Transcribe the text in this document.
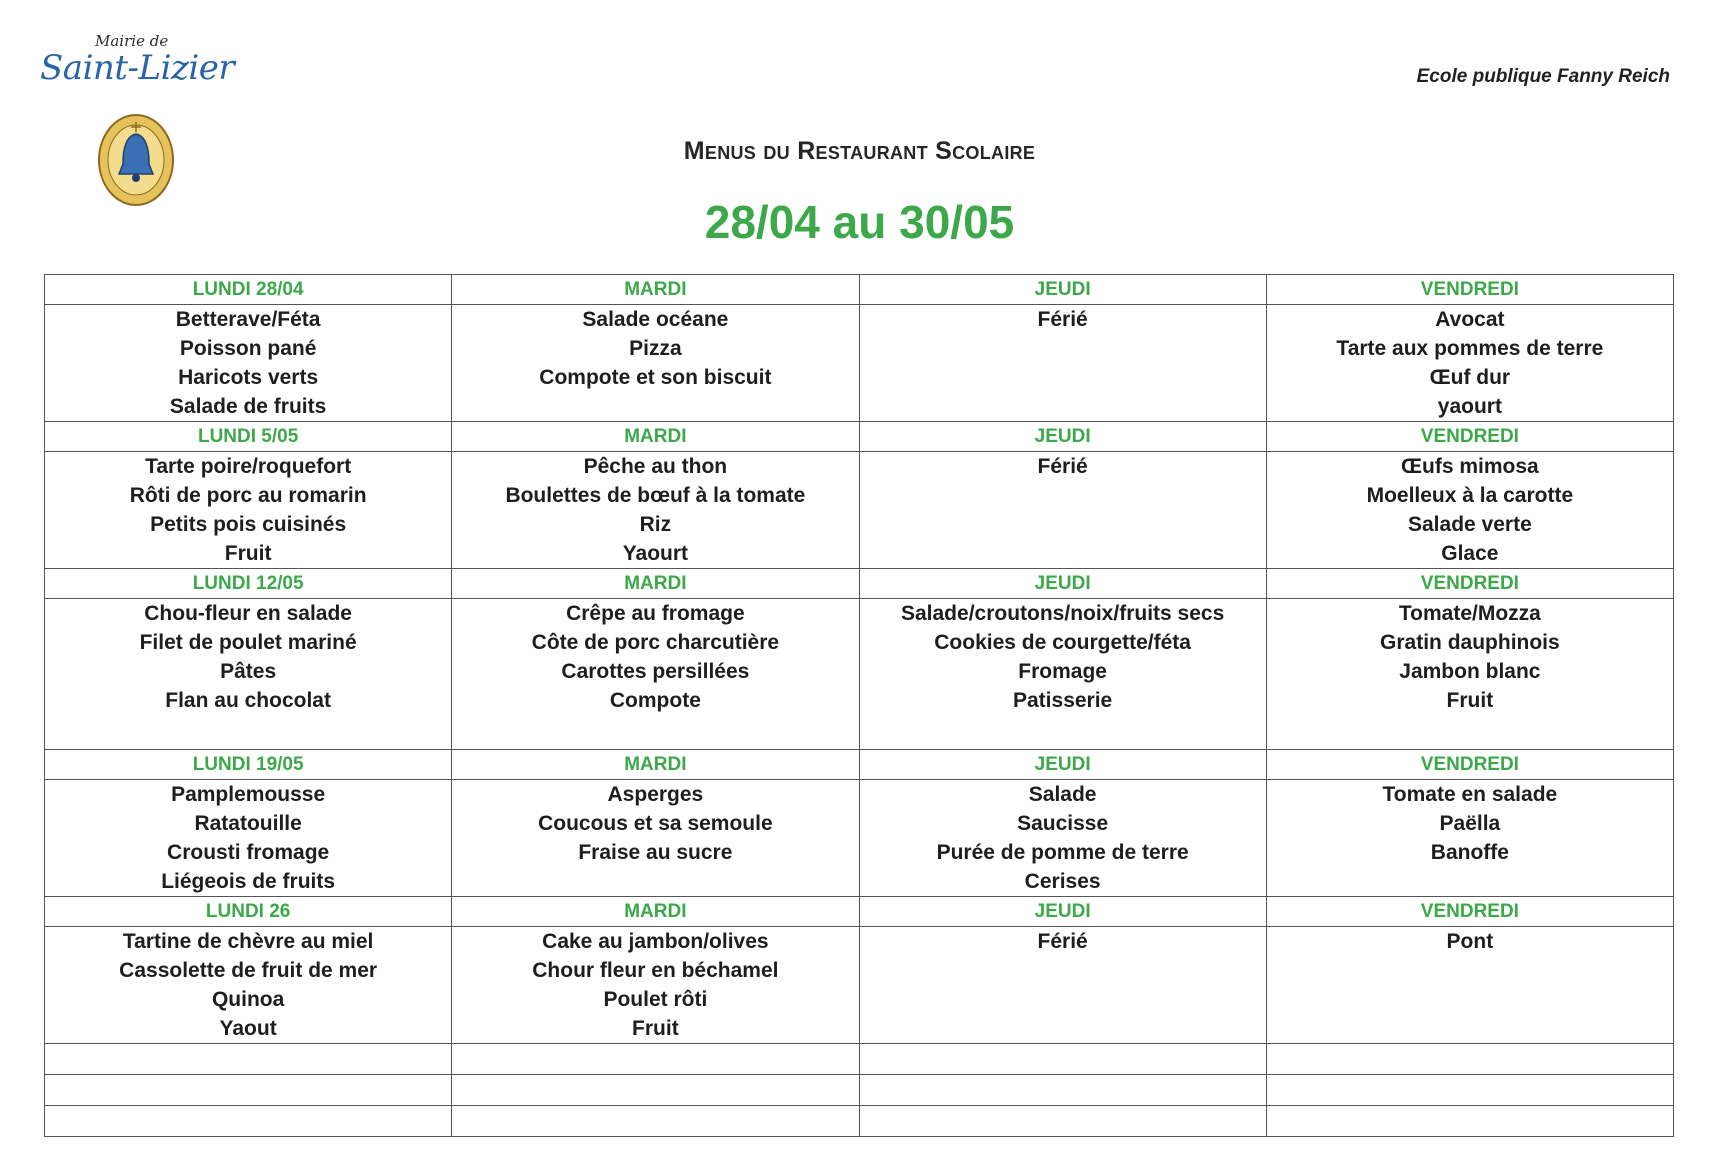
Mairie de
Saint-Lizier	Ecole publique Fanny Reich
Menus du Restaurant Scolaire
28/04 au 30/05
LUNDI 28/04	MARDI	JEUDI	VENDREDI

Betterave/Féta
Poisson pané
Haricots verts
Salade de fruits	Salade océane
Pizza
Compote et son biscuit	Férié	Avocat
Tarte aux pommes de terre
Œuf dur
yaourt

LUNDI 5/05	MARDI	JEUDI	VENDREDI

Tarte poire/roquefort
Rôti de porc au romarin
Petits pois cuisinés
Fruit	Pêche au thon
Boulettes de bœuf à la tomate
Riz
Yaourt	Férié	Œufs mimosa
Moelleux à la carotte
Salade verte
Glace

LUNDI 12/05	MARDI	JEUDI	VENDREDI

Chou-fleur en salade
Filet de poulet mariné
Pâtes
Flan au chocolat	Crêpe au fromage
Côte de porc charcutière
Carottes persillées
Compote	Salade/croutons/noix/fruits secs
Cookies de courgette/féta
Fromage
Patisserie	Tomate/Mozza
Gratin dauphinois
Jambon blanc
Fruit

LUNDI 19/05	MARDI	JEUDI	VENDREDI

Pamplemousse
Ratatouille
Crousti fromage
Liégeois de fruits	Asperges
Coucous et sa semoule
Fraise au sucre	Salade
Saucisse
Purée de pomme de terre
Cerises	Tomate en salade
Paëlla
Banoffe

LUNDI 26	MARDI	JEUDI	VENDREDI

Tartine de chèvre au miel
Cassolette de fruit de mer
Quinoa
Yaout	Cake au jambon/olives
Chour fleur en béchamel
Poulet rôti
Fruit	Férié	Pont
